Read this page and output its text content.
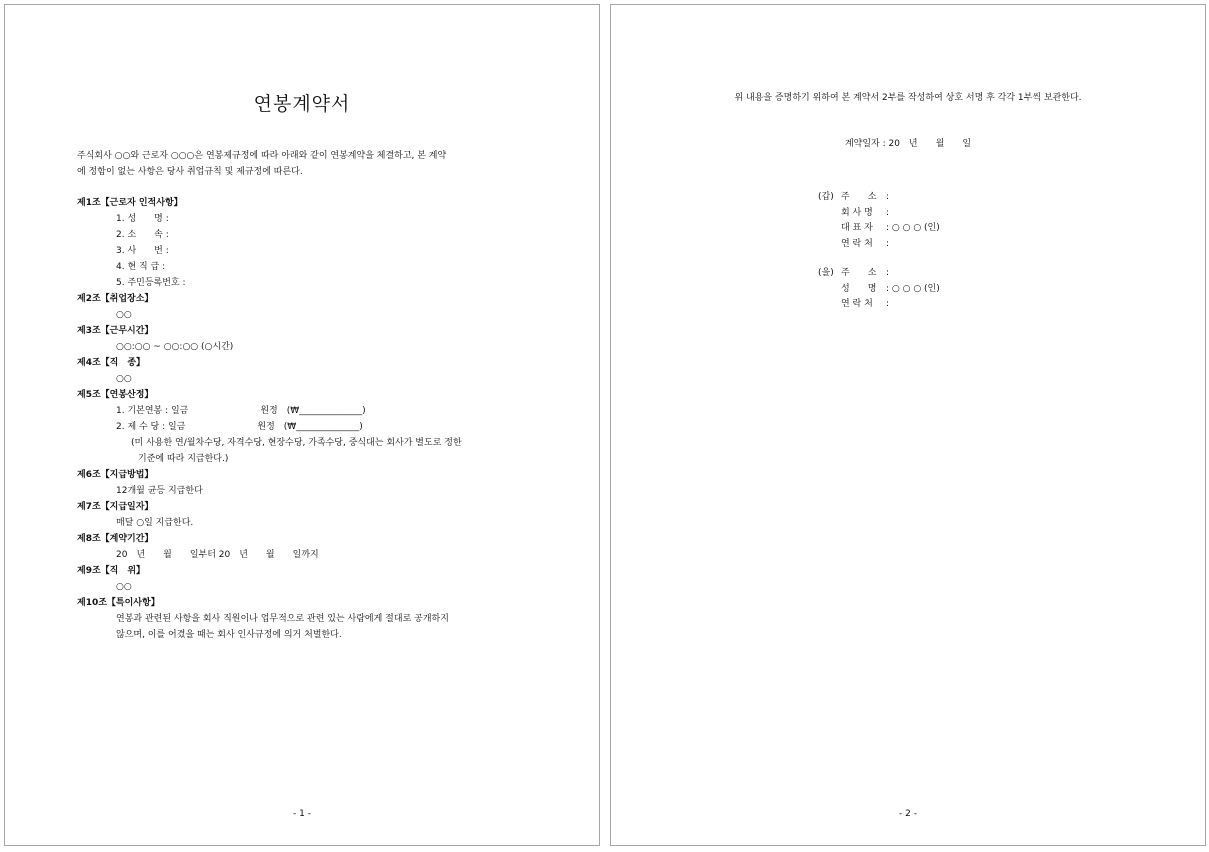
연봉계약서
주식회사 ○○와 근로자 ○○○은 연봉제규정에 따라 아래와 같이 연봉계약을 체결하고, 본 계약
에 정함이 없는 사항은 당사 취업규칙 및 제규정에 따른다.
제1조【근로자 인적사항】
1. 성　　명 :
2. 소　　속 :
3. 사　　번 :
4. 현 직 급 :
5. 주민등록번호 :
제2조【취업장소】
○○
제3조【근무시간】
○○:○○ ~ ○○:○○ (○시간)
제4조【직　종】
○○
제5조【연봉산정】
1. 기본연봉 : 일금　　　　　　　　원정　(₩______________)
2. 제 수 당 : 일금　　　　　　　　원정　(₩______________)
(미 사용한 연/월차수당, 자격수당, 현장수당, 가족수당, 중식대는 회사가 별도로 정한
기준에 따라 지급한다.)
제6조【지급방법】
12개월 균등 지급한다
제7조【지급일자】
매달 ○일 지급한다.
제8조【계약기간】
20　년　　월　　일부터 20　년　　월　　일까지
제9조【직　위】
○○
제10조【특이사항】
연봉과 관련된 사항을 회사 직원이나 업무적으로 관련 있는 사람에게 절대로 공개하지
않으며, 이를 어겼을 때는 회사 인사규정에 의거 처벌한다.
- 1 -
위 내용을 증명하기 위하여 본 계약서 2부를 작성하여 상호 서명 후 각각 1부씩 보관한다.
계약일자 : 20　년　　월　　일
(갑) 주　　소 :
회 사 명 :
대 표 자 : ○ ○ ○ (인)
연 락 처 :
(을) 주　　소 :
성　　명 : ○ ○ ○ (인)
연 락 처 :
- 2 -
